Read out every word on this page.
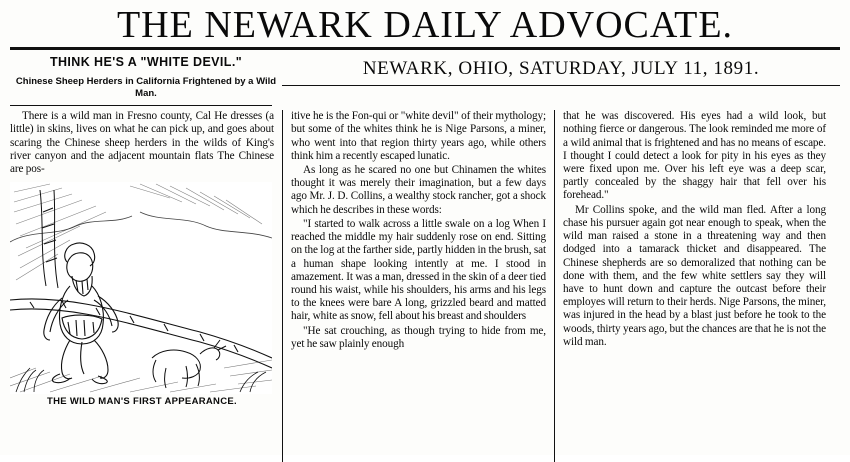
THE NEWARK DAILY ADVOCATE.
THINK HE'S A "WHITE DEVIL."
Chinese Sheep Herders in California Frightened by a Wild Man.
NEWARK, OHIO, SATURDAY, JULY 11, 1891.

There is a wild man in Fresno county, Cal He dresses (a little) in skins, lives on what he can pick up, and goes about scaring the Chinese sheep herders in the wilds of King's river canyon and the adjacent mountain flats The Chinese are pos-

THE WILD MAN'S FIRST APPEARANCE.

itive he is the Fon-qui or "white devil" of their mythology; but some of the whites think he is Nige Parsons, a miner, who went into that region thirty years ago, while others think him a recently escaped lunatic.

As long as he scared no one but Chinamen the whites thought it was merely their imagination, but a few days ago Mr. J. D. Collins, a wealthy stock rancher, got a shock which he describes in these words:

"I started to walk across a little swale on a log When I reached the middle my hair suddenly rose on end. Sitting on the log at the farther side, partly hidden in the brush, sat a human shape looking intently at me. I stood in amazement. It was a man, dressed in the skin of a deer tied round his waist, while his shoulders, his arms and his legs to the knees were bare A long, grizzled beard and matted hair, white as snow, fell about his breast and shoulders

"He sat crouching, as though trying to hide from me, yet he saw plainly enough

that he was discovered. His eyes had a wild look, but nothing fierce or dangerous. The look reminded me more of a wild animal that is frightened and has no means of escape. I thought I could detect a look for pity in his eyes as they were fixed upon me. Over his left eye was a deep scar, partly concealed by the shaggy hair that fell over his forehead."

Mr Collins spoke, and the wild man fled. After a long chase his pursuer again got near enough to speak, when the wild man raised a stone in a threatening way and then dodged into a tamarack thicket and disappeared. The Chinese shepherds are so demoralized that nothing can be done with them, and the few white settlers say they will have to hunt down and capture the outcast before their employes will return to their herds. Nige Parsons, the miner, was injured in the head by a blast just before he took to the woods, thirty years ago, but the chances are that he is not the wild man.
